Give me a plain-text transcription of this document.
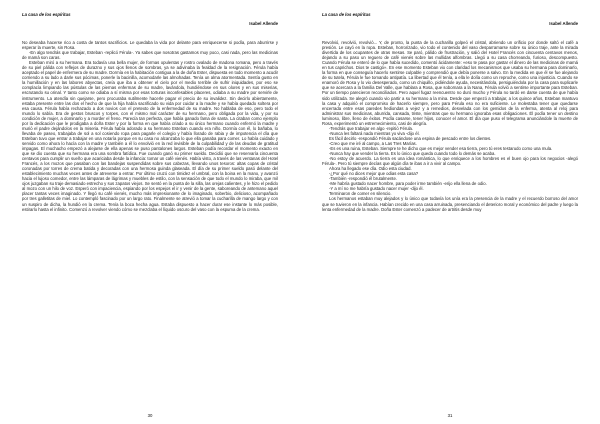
La casa de los espíritus
Isabel Allende

No deseaba hacerse rico a costa de tantos sacrificios. Le quedaba la vida por delante para enriquecerse si podía, para aburrirse y esperar la muerte, sin Rosa.

-En algo tendrás que trabajar, Esteban -replicó Férula-. Ya sabes que nosotras gastamos muy poco, casi nada, pero las medicinas de mamá son caras.

Esteban miró a su hermana. Era todavía una bella mujer, de formas opulentas y rostro ovalado de madona romana, pero a través de su piel pálida con reflejos de durazno y sus ojos llenos de sombras, ya se adivinaba la fealdad de la resignación. Férula había aceptado el papel de enfermera de su madre. Dormía en la habitación contigua a la de doña Ester, dispuesta en todo momento a acudir corriendo a su lado a darle sus pócimas, ponerle la bacinilla, acomodarle las almohadas. Tenía un alma atormentada. Sentía gusto en la humillación y en las labores abyectas, creía que iba a obtener el cielo por el medio terrible de sufrir iniquidades, por eso se complacía limpiando las pústulas de las piernas enfermas de su madre, lavándola, hundiéndose en sus olores y en sus miserias, escrutando su orinal. Y tanto como se odiaba a sí misma por esas torturas inconfesables placeres, odiaba a su madre por servirle de instrumento. La atendía sin quejarse, pero procuraba sutilmente hacerle pagar el precio de su invalidez. Sin decirlo abiertamente, estaba presente entre las dos el hecho de que la hija había sacrificado su vida por cuidar a la madre y se había quedado soltera por esa causa. Férula había rechazado a dos novios con el pretexto de la enfermedad de su madre. No hablaba de eso, pero todo el mundo lo sabía. Era de gestos bruscos y torpes, con el mismo mal carácter de su hermano, pero obligada por la vida, y por su condición de mujer, a dominarlo y a morder el freno. Parecía tan perfecta, que había ganado fama de santa. La citaban como ejemplo por la dedicación que le prodigaba a doña Ester y por la forma en que había criado a su único hermano cuando enfermó la madre y murió el padre dejándolos en la miseria. Férula había adorado a su hermano Esteban cuando era niño. Dormía con él, lo bañaba, lo llevaba de paseo, trabajaba de sol a sol cosiendo ropa para pagarle el colegio y había llorado de rabia y de impotencia el día que Esteban tuvo que entrar a trabajar en una notaría porque en su casa no alcanzaba lo que ella ganaba para comer. Lo había cuidado y servido como ahora lo hacía con la madre y también a él lo envolvió en la red invisible de la culpabilidad y de las deudas de gratitud impagas. El muchacho empezó a alejarse de ella apenas se puso pantalones largos. Esteban podía recordar el momento exacto en que se dio cuenta que su hermana era una sombra fatídica. Fue cuando ganó su primer sueldo. Decidió que se reservaría cincuenta centavos para cumplir un sueño que acariciaba desde la infancia: tomar un café vienés. Había visto, a través de las ventanas del Hotel Francés, a los mozos que pasaban con las bandejas suspendidas sobre sus cabezas, llevando unos tesoros: altas copas de cristal coronadas por torres de crema batida y decoradas con una hermosa guinda glaseada. El día de su primer sueldo pasó delante del establecimiento muchas veces antes de atreverse a entrar. Por último cruzó con timidez el umbral, con la boina en la mano, y avanzó hacia el lujoso comedor, entre las lámparas de lágrimas y muebles de estilo, con la sensación de que todo el mundo lo miraba, que mil ojos juzgaban su traje demasiado estrecho y sus zapatos viejos. Se sentó en la punta de la silla, las orejas calientes, y le hizo el pedido al mozo con un hilo de voz. Esperó con impaciencia, espiando por los espejos el ir y venir de la gente, saboreando de antemano aquel placer tantas veces imaginado. Y llegó su café vienés, mucho más impresionante de lo imaginado, soberbio, delicioso, acompañado por tres galletitas de miel. Lo contempló fascinado por un largo rato. Finalmente se atrevió a tomar la cucharilla de mango largo y con un suspiro de dicha, la hundió en la crema. Tenía la boca hecha agua. Estaba dispuesto a hacer durar ese instante lo más posible, estirarlo hasta el infinito. Comenzó a revolver viendo cómo se mezclaba el líquido oscuro del vaso con la espuma de la crema.

30
La casa de los espíritus
Isabel Allende

Revolvió, revolvió, revolvió... Y, de pronto, la punta de la cucharilla golpeó el cristal, abriendo un orificio por donde saltó el café a presión. Le cayó en la ropa. Esteban, horrorizado, vio todo el contenido del vaso desparramarse sobre su único traje, ante la mirada divertida de los ocupantes de otras mesas. Se paró, pálido de frustración, y salió del Hotel Francés con cincuenta centavos menos, dejando a su paso un reguero de café vienés sobre las mullidas alfombras. Llegó a su casa chorreando, furioso, descompuesto. Cuando Férula se enteró de lo que había sucedido, comentó ácidamente: «eso te pasa por gastar el dinero de las medicinas de mamá en tus caprichos. Dios te castigó». En ese momento Esteban vio con claridad los mecanismos que usaba su hermana para dominarlo, la forma en que conseguía hacerlo sentirse culpable y comprendió que debía ponerse a salvo. En la medida en que él se fue alejando de su tutela, Férula le fue tomando antipatía. La libertad que él tenía, a ella le dolía como un reproche, como una injusticia. Cuando se enamoró de Rosa y lo vio desesperado, como un chiquillo, pidiéndole ayuda, necesitándola, persiguiéndola por la casa para suplicarle que se acercara a la familia Del Valle, que hablara a Rosa, que sobornara a la Nana, Férula volvió a sentirse importante para Esteban. Por un tiempo parecieron reconciliados. Pero aquel fugaz reencuentro no duró mucho y Férula no tardó en darse cuenta de que había sido utilizada. Se alegró cuando vio partir a su hermano a la mina. Desde que empezó a trabajar, a los quince años, Esteban mantuvo la casa y adquirió el compromiso de hacerlo siempre, pero para Férula eso no era suficiente. Le molestaba tener que quedarse encerrada entre esas paredes hediondas a vejez y a remedios, desvelada con los gemidos de la enferma, atenta al reloj para administrar sus medicinas, aburrida, cansada, triste, mientras que su hermano ignoraba esas obligaciones. Él podía tener un destino luminoso, libre, lleno de éxitos. Podía casarse, tener hijos, conocer el amor. El día que puso el telegrama anunciándole la muerte de Rosa, experimentó un estremecimiento, casi de alegría.

-Tendrás que trabajar en algo -repitió Férula.

-Nunca les faltará nada mientras yo viva -dijo él.

Es fácil decirlo -respondió Férula sacándose una espina de pescado entre los dientes.

-Creo que me iré al campo, a Las Tres Marías.

-Es es una ruina, Esteban. Siempre te he dicho que es mejor vender esa tierra, pero tú eres testarudo como una mula.

-Nunca hay que vender la tierra. Es lo único que queda cuando todo lo demás se acaba.

-No estoy de acuerdo. La tierra es una idea romántica, lo que enriquece a los hombres es el buen ojo para los negocios -alegó Férula-. Pero tú siempre decías que algún día te ibas a ir a vivir al campo.

Ahora ha llegado ese día. Odio esta ciudad.

-¿Por qué no dices mejor que odias esta casa?

-También -respondió él brutalmente.

-Me habría gustado nacer hombre, para poder irme también -erijo ella llena de odio.

-Y a mí no me habría gustado nacer mujer -dijo él.

Terminaron de comer en silencio.

Los hermanos estaban muy alejados y lo único que todavía los unía era la presencia de la madre y el recuerdo borroso del amor que se tuvieron en la infancia. Habían crecido en una casa arruinada, presenciando el deterioro moral y económico del padre y luego la lenta enfermedad de la madre. Doña Ester comenzó a padecer de artritis desde muy

31
